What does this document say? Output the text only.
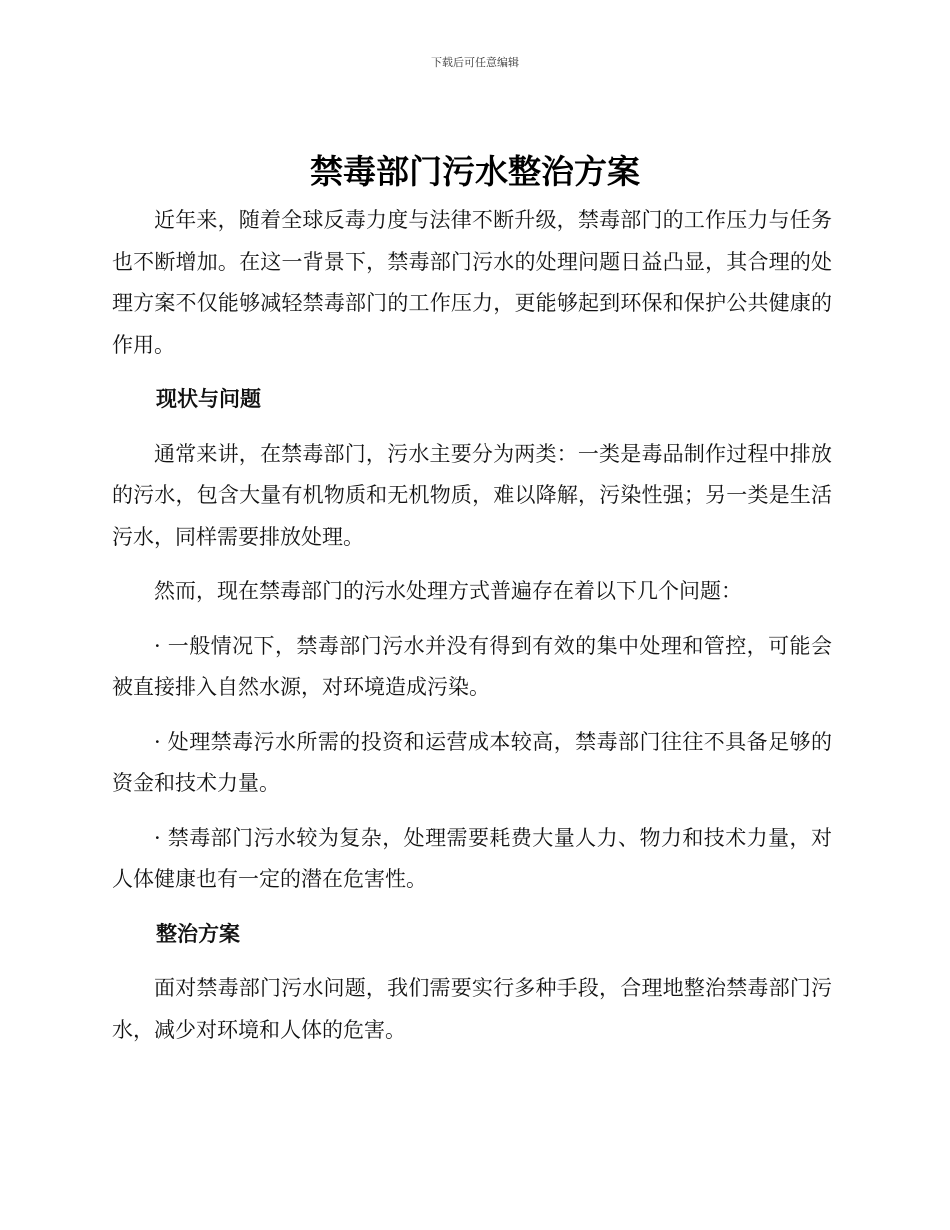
下载后可任意编辑
禁毒部门污水整治方案

近年来，随着全球反毒力度与法律不断升级，禁毒部门的工作压力与任务也不断增加。在这一背景下，禁毒部门污水的处理问题日益凸显，其合理的处理方案不仅能够减轻禁毒部门的工作压力，更能够起到环保和保护公共健康的作用。

现状与问题

通常来讲，在禁毒部门，污水主要分为两类：一类是毒品制作过程中排放的污水，包含大量有机物质和无机物质，难以降解，污染性强；另一类是生活污水，同样需要排放处理。

然而，现在禁毒部门的污水处理方式普遍存在着以下几个问题：

· 一般情况下，禁毒部门污水并没有得到有效的集中处理和管控，可能会被直接排入自然水源，对环境造成污染。

· 处理禁毒污水所需的投资和运营成本较高，禁毒部门往往不具备足够的资金和技术力量。

· 禁毒部门污水较为复杂，处理需要耗费大量人力、物力和技术力量，对人体健康也有一定的潜在危害性。

整治方案

面对禁毒部门污水问题，我们需要实行多种手段，合理地整治禁毒部门污水，减少对环境和人体的危害。
